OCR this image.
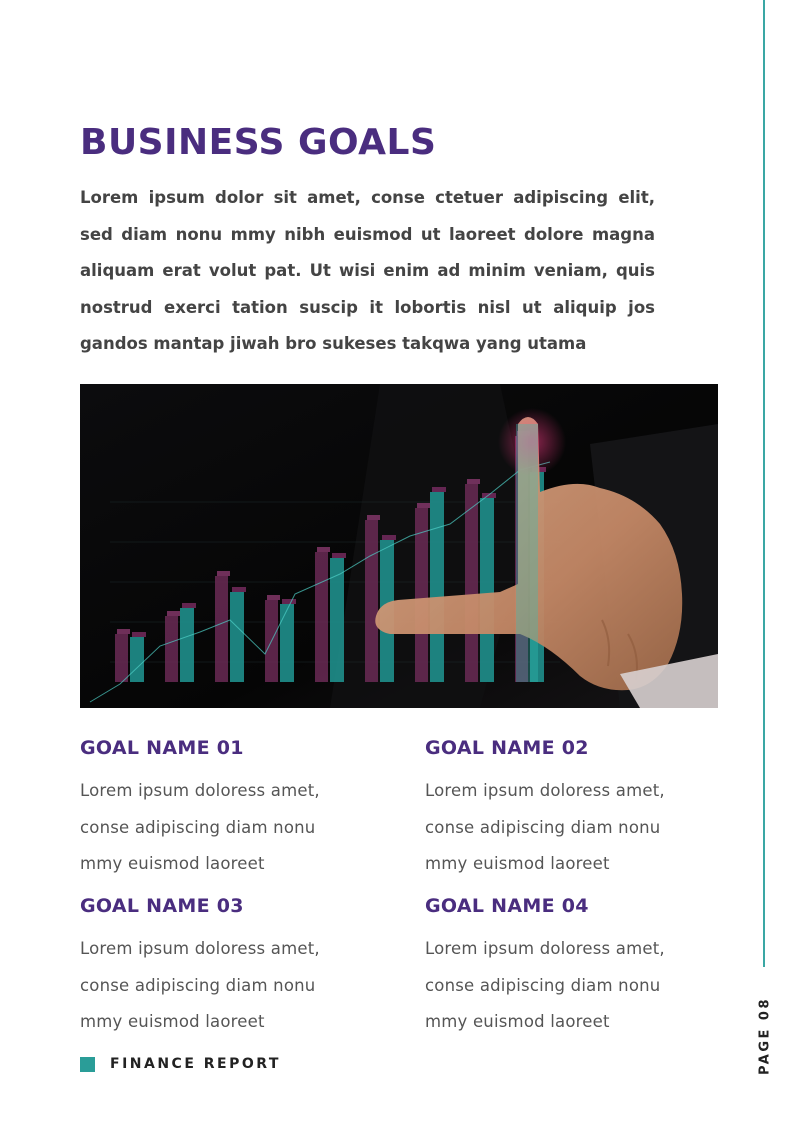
BUSINESS GOALS

Lorem ipsum dolor sit amet, conse ctetuer adipiscing elit, sed diam nonu mmy nibh euismod ut laoreet dolore magna aliquam erat volut pat. Ut wisi enim ad minim veniam, quis nostrud exerci tation suscip it lobortis nisl ut aliquip jos gandos mantap jiwah bro sukeses takqwa yang utama

GOAL NAME 01

Lorem ipsum doloress amet,
conse adipiscing diam nonu
mmy euismod laoreet

GOAL NAME 02

Lorem ipsum doloress amet,
conse adipiscing diam nonu
mmy euismod laoreet

GOAL NAME 03

Lorem ipsum doloress amet,
conse adipiscing diam nonu
mmy euismod laoreet

GOAL NAME 04

Lorem ipsum doloress amet,
conse adipiscing diam nonu
mmy euismod laoreet

FINANCE REPORT	PAGE 08
